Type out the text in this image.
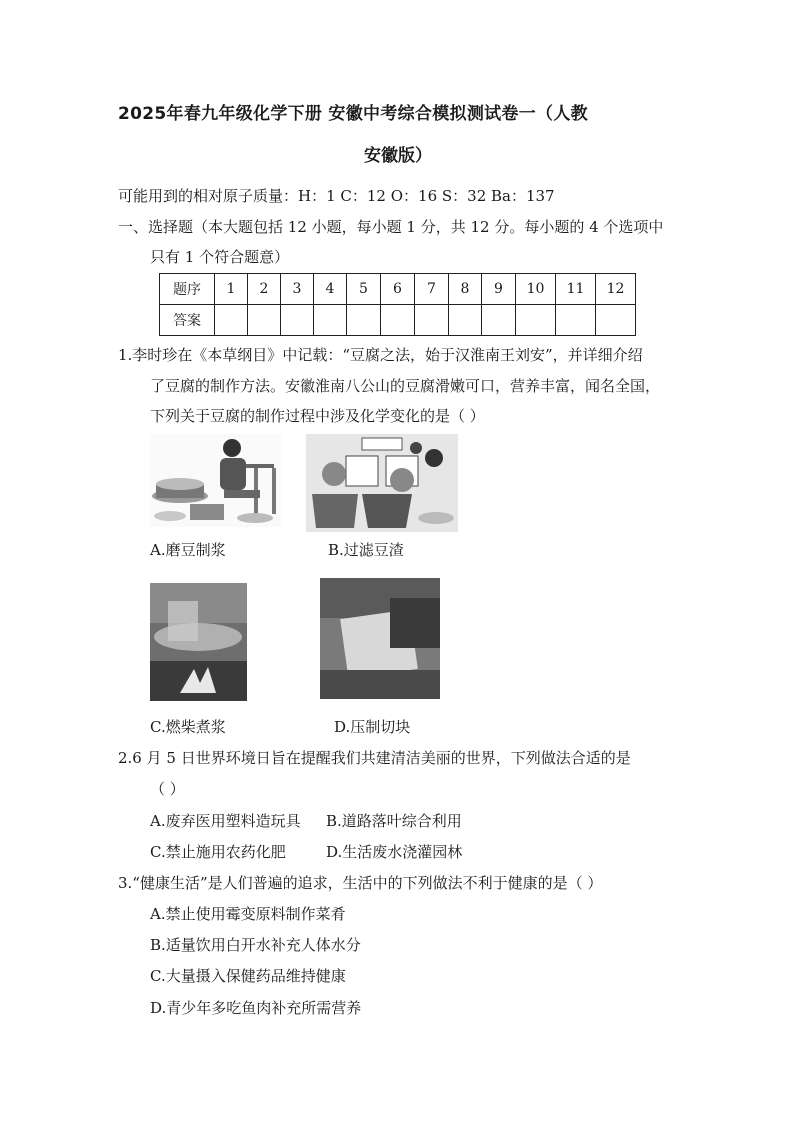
2025年春九年级化学下册 安徽中考综合模拟测试卷一（人教
安徽版）
可能用到的相对原子质量：H：1 C：12 O：16 S：32 Ba：137
一、选择题（本大题包括 12 小题，每小题 1 分，共 12 分。每小题的 4 个选项中
只有 1 个符合题意）
题序	1	2	3	4	5	6	7	8	9	10	11	12
答案												
1.李时珍在《本草纲目》中记载：“豆腐之法，始于汉淮南王刘安”，并详细介绍
了豆腐的制作方法。安徽淮南八公山的豆腐滑嫩可口，营养丰富，闻名全国，
下列关于豆腐的制作过程中涉及化学变化的是（ ）
A.磨豆制浆	B.过滤豆渣
C.燃柴煮浆	D.压制切块
2.6 月 5 日世界环境日旨在提醒我们共建清洁美丽的世界，下列做法合适的是
（ ）
A.废弃医用塑料造玩具 B.道路落叶综合利用
C.禁止施用农药化肥	D.生活废水浇灌园林
3.“健康生活”是人们普遍的追求，生活中的下列做法不利于健康的是（ ）
A.禁止使用霉变原料制作菜肴
B.适量饮用白开水补充人体水分
C.大量摄入保健药品维持健康
D.青少年多吃鱼肉补充所需营养
